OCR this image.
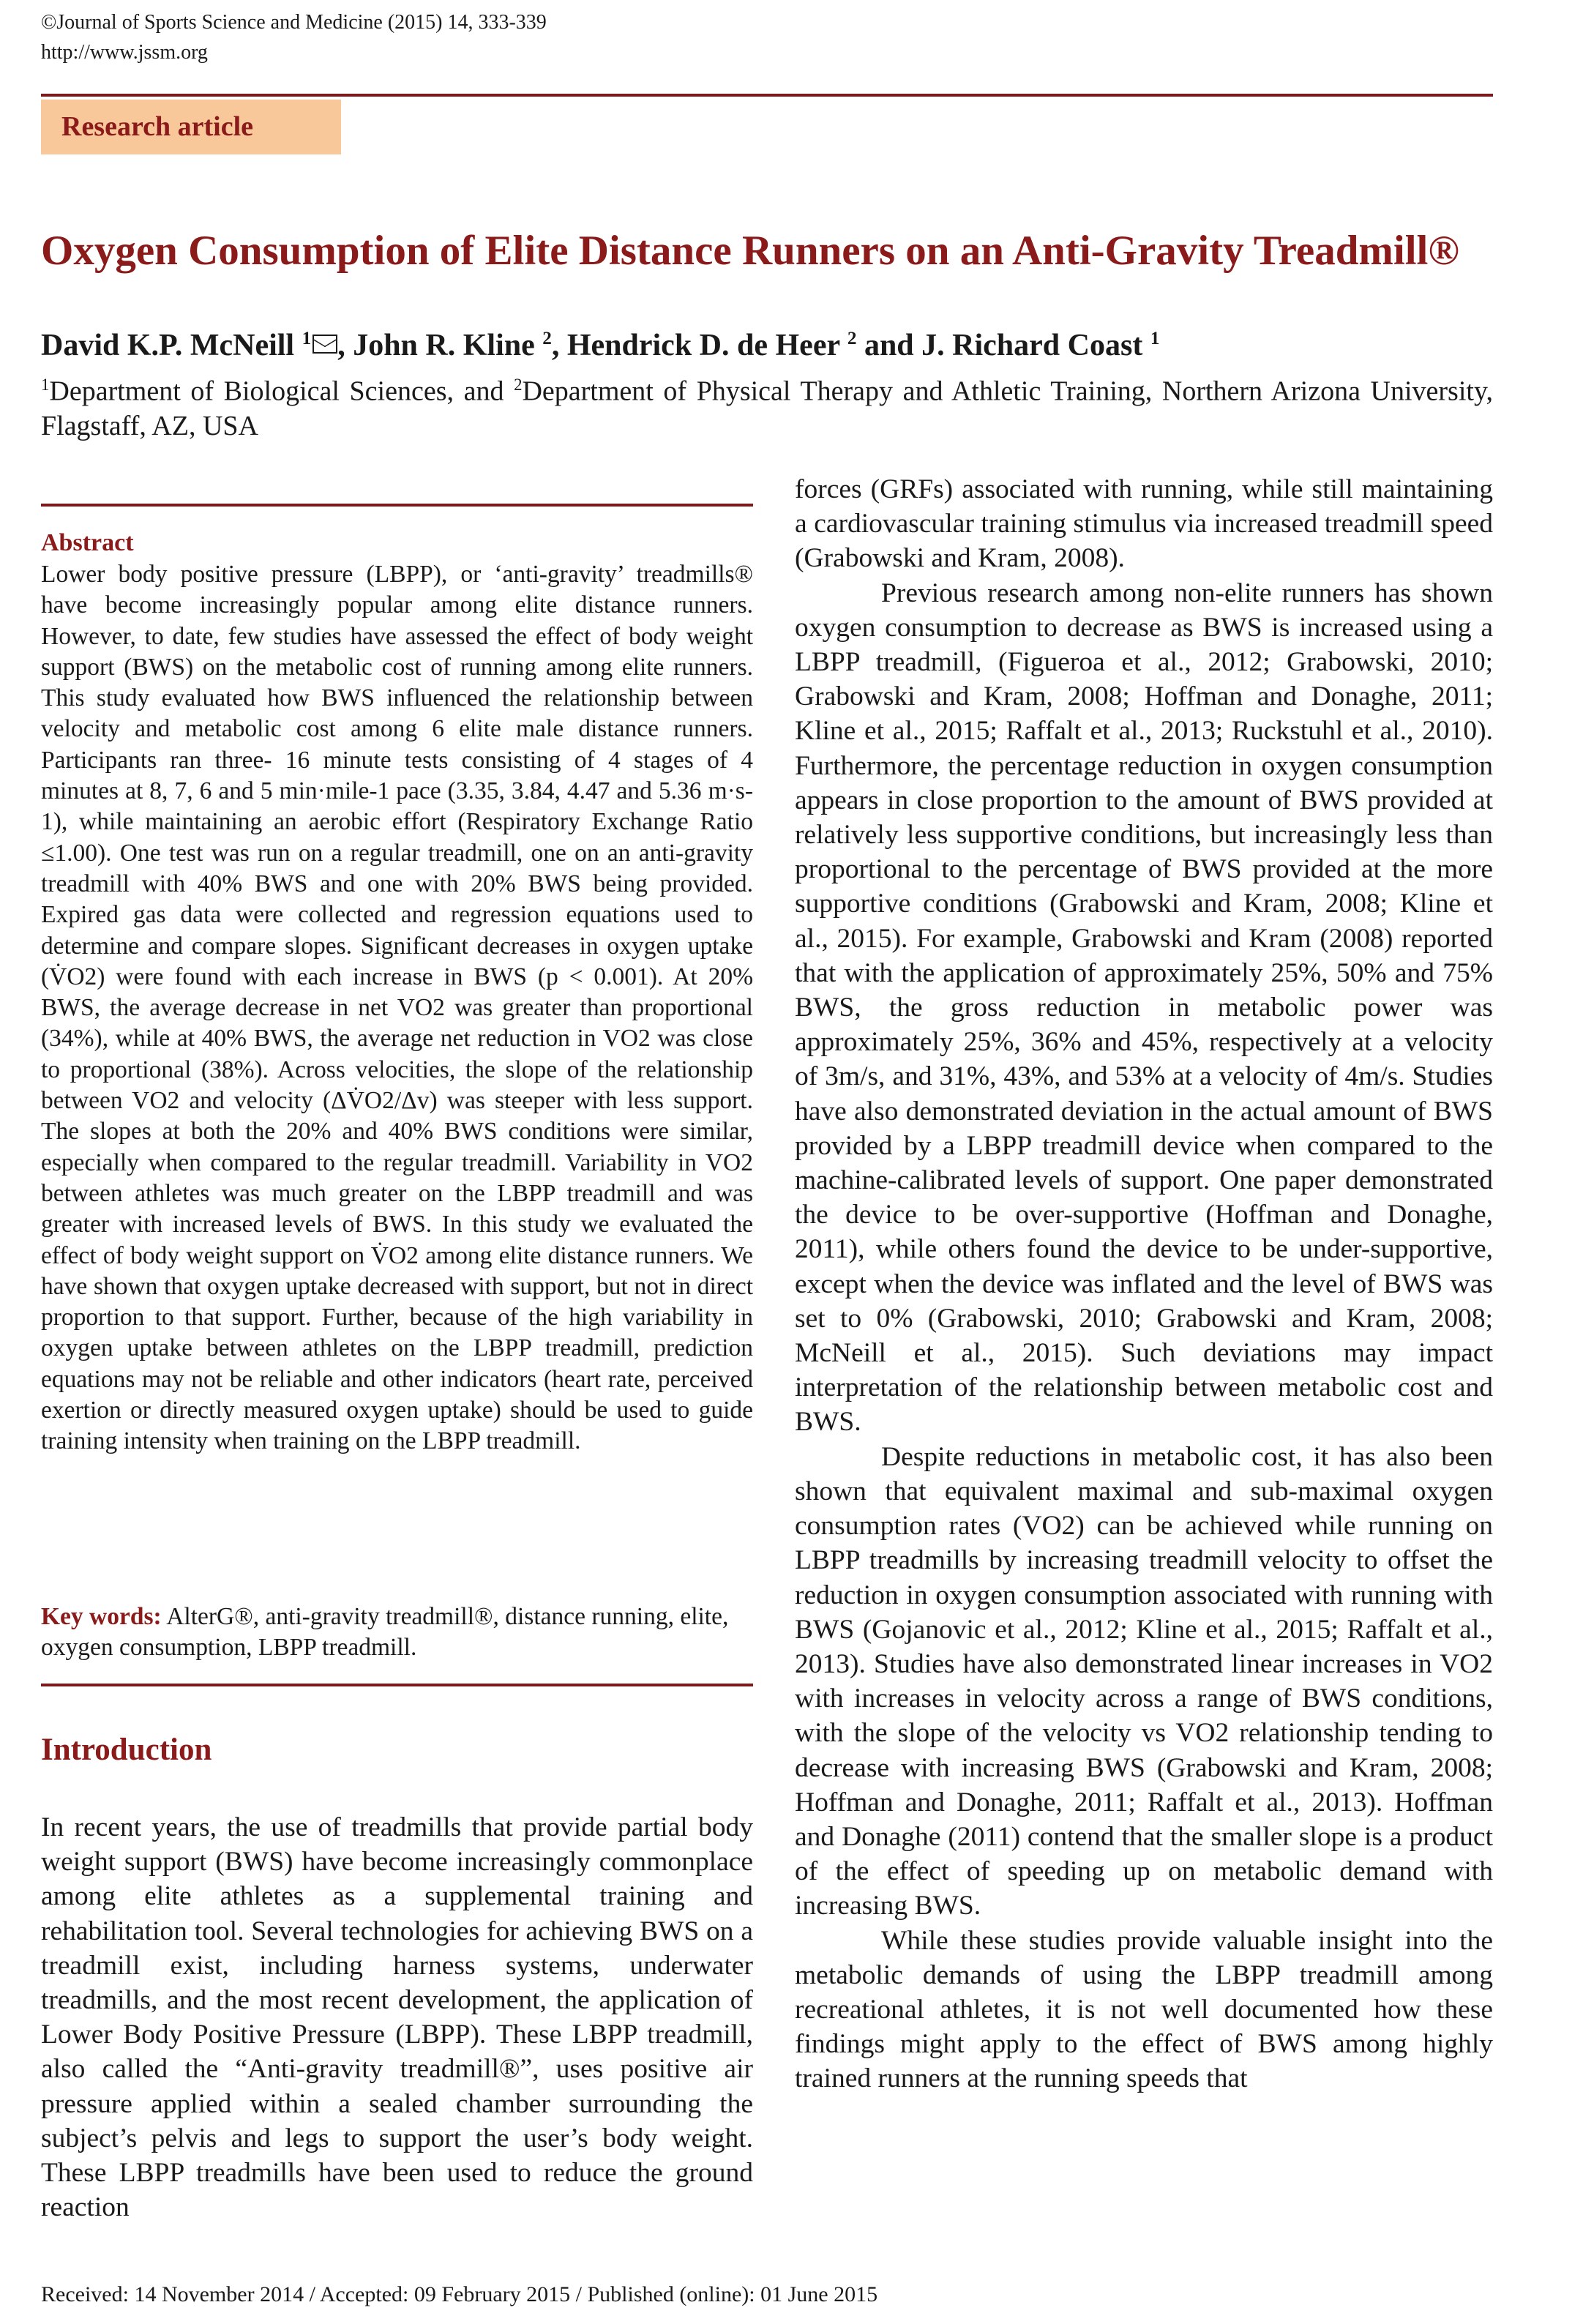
©Journal of Sports Science and Medicine (2015) 14, 333-339
http://www.jssm.org
Research article
Oxygen Consumption of Elite Distance Runners on an Anti-Gravity Treadmill®
David K.P. McNeill $^1$ , John R. Kline $^2$, Hendrick D. de Heer $^2$ and J. Richard Coast $^1$
$^1$Department of Biological Sciences, and $^2$Department of Physical Therapy and Athletic Training, Northern Arizona University, Flagstaff, AZ, USA
Abstract

Lower body positive pressure (LBPP), or ‘anti-gravity’ treadmills® have become increasingly popular among elite distance runners. However, to date, few studies have assessed the effect of body weight support (BWS) on the metabolic cost of running among elite runners. This study evaluated how BWS influenced the relationship between velocity and metabolic cost among 6 elite male distance runners. Participants ran three- 16 minute tests consisting of 4 stages of 4 minutes at 8, 7, 6 and 5 min·mile-1 pace (3.35, 3.84, 4.47 and 5.36 m·s-1), while maintaining an aerobic effort (Respiratory Exchange Ratio ≤1.00). One test was run on a regular treadmill, one on an anti-gravity treadmill with 40% BWS and one with 20% BWS being provided. Expired gas data were collected and regression equations used to determine and compare slopes. Significant decreases in oxygen uptake (V̇O2) were found with each increase in BWS (p < 0.001). At 20% BWS, the average decrease in net VO2 was greater than proportional (34%), while at 40% BWS, the average net reduction in VO2 was close to proportional (38%). Across velocities, the slope of the relationship between VO2 and velocity (ΔV̇O2/Δv) was steeper with less support. The slopes at both the 20% and 40% BWS conditions were similar, especially when compared to the regular treadmill. Variability in VO2 between athletes was much greater on the LBPP treadmill and was greater with increased levels of BWS. In this study we evaluated the effect of body weight support on V̇O2 among elite distance runners. We have shown that oxygen uptake decreased with support, but not in direct proportion to that support. Further, because of the high variability in oxygen uptake between athletes on the LBPP treadmill, prediction equations may not be reliable and other indicators (heart rate, perceived exertion or directly measured oxygen uptake) should be used to guide training intensity when training on the LBPP treadmill.

Key words: AlterG®, anti-gravity treadmill®, distance running, elite, oxygen consumption, LBPP treadmill.
Introduction

In recent years, the use of treadmills that provide partial body weight support (BWS) have become increasingly commonplace among elite athletes as a supplemental training and rehabilitation tool. Several technologies for achieving BWS on a treadmill exist, including harness systems, underwater treadmills, and the most recent development, the application of Lower Body Positive Pressure (LBPP). These LBPP treadmill, also called the “Anti-gravity treadmill®”, uses positive air pressure applied within a sealed chamber surrounding the subject’s pelvis and legs to support the user’s body weight. These LBPP treadmills have been used to reduce the ground reaction

forces (GRFs) associated with running, while still maintaining a cardiovascular training stimulus via increased treadmill speed (Grabowski and Kram, 2008).

Previous research among non-elite runners has shown oxygen consumption to decrease as BWS is increased using a LBPP treadmill, (Figueroa et al., 2012; Grabowski, 2010; Grabowski and Kram, 2008; Hoffman and Donaghe, 2011; Kline et al., 2015; Raffalt et al., 2013; Ruckstuhl et al., 2010). Furthermore, the percentage reduction in oxygen consumption appears in close proportion to the amount of BWS provided at relatively less supportive conditions, but increasingly less than proportional to the percentage of BWS provided at the more supportive conditions (Grabowski and Kram, 2008; Kline et al., 2015). For example, Grabowski and Kram (2008) reported that with the application of approximately 25%, 50% and 75% BWS, the gross reduction in metabolic power was approximately 25%, 36% and 45%, respectively at a velocity of 3m/s, and 31%, 43%, and 53% at a velocity of 4m/s. Studies have also demonstrated deviation in the actual amount of BWS provided by a LBPP treadmill device when compared to the machine-calibrated levels of support. One paper demonstrated the device to be over-supportive (Hoffman and Donaghe, 2011), while others found the device to be under-supportive, except when the device was inflated and the level of BWS was set to 0% (Grabowski, 2010; Grabowski and Kram, 2008; McNeill et al., 2015). Such deviations may impact interpretation of the relationship between metabolic cost and BWS.

Despite reductions in metabolic cost, it has also been shown that equivalent maximal and sub-maximal oxygen consumption rates (VO2) can be achieved while running on LBPP treadmills by increasing treadmill velocity to offset the reduction in oxygen consumption associated with running with BWS (Gojanovic et al., 2012; Kline et al., 2015; Raffalt et al., 2013). Studies have also demonstrated linear increases in VO2 with increases in velocity across a range of BWS conditions, with the slope of the velocity vs VO2 relationship tending to decrease with increasing BWS (Grabowski and Kram, 2008; Hoffman and Donaghe, 2011; Raffalt et al., 2013). Hoffman and Donaghe (2011) contend that the smaller slope is a product of the effect of speeding up on metabolic demand with increasing BWS.

While these studies provide valuable insight into the metabolic demands of using the LBPP treadmill among recreational athletes, it is not well documented how these findings might apply to the effect of BWS among highly trained runners at the running speeds that

Received: 14 November 2014 / Accepted: 09 February 2015 / Published (online): 01 June 2015
